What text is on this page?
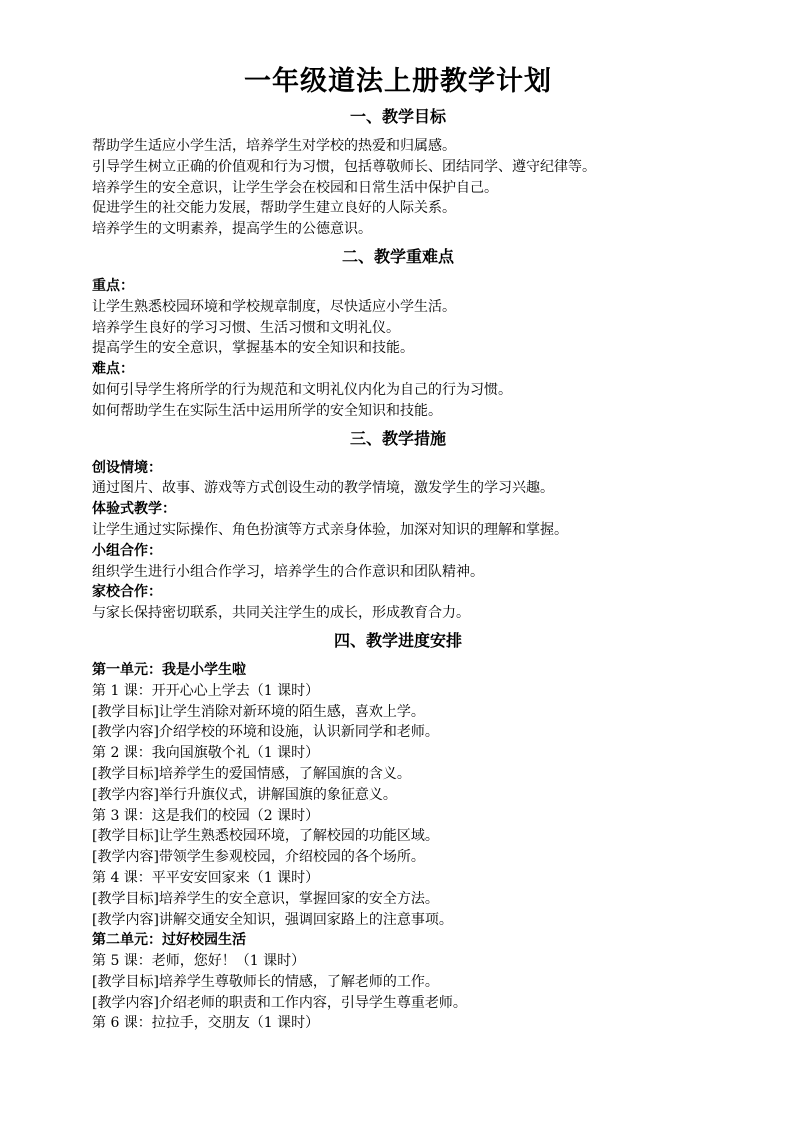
一年级道法上册教学计划
一、教学目标

帮助学生适应小学生活，培养学生对学校的热爱和归属感。

引导学生树立正确的价值观和行为习惯，包括尊敬师长、团结同学、遵守纪律等。

培养学生的安全意识，让学生学会在校园和日常生活中保护自己。

促进学生的社交能力发展，帮助学生建立良好的人际关系。

培养学生的文明素养，提高学生的公德意识。

二、教学重难点

重点：

让学生熟悉校园环境和学校规章制度，尽快适应小学生活。

培养学生良好的学习习惯、生活习惯和文明礼仪。

提高学生的安全意识，掌握基本的安全知识和技能。

难点：

如何引导学生将所学的行为规范和文明礼仪内化为自己的行为习惯。

如何帮助学生在实际生活中运用所学的安全知识和技能。

三、教学措施

创设情境：

通过图片、故事、游戏等方式创设生动的教学情境，激发学生的学习兴趣。

体验式教学：

让学生通过实际操作、角色扮演等方式亲身体验，加深对知识的理解和掌握。

小组合作：

组织学生进行小组合作学习，培养学生的合作意识和团队精神。

家校合作：

与家长保持密切联系，共同关注学生的成长，形成教育合力。

四、教学进度安排

第一单元：我是小学生啦

第 1 课：开开心心上学去（1 课时）

[教学目标]让学生消除对新环境的陌生感，喜欢上学。

[教学内容]介绍学校的环境和设施，认识新同学和老师。

第 2 课：我向国旗敬个礼（1 课时）

[教学目标]培养学生的爱国情感，了解国旗的含义。

[教学内容]举行升旗仪式，讲解国旗的象征意义。

第 3 课：这是我们的校园（2 课时）

[教学目标]让学生熟悉校园环境，了解校园的功能区域。

[教学内容]带领学生参观校园，介绍校园的各个场所。

第 4 课：平平安安回家来（1 课时）

[教学目标]培养学生的安全意识，掌握回家的安全方法。

[教学内容]讲解交通安全知识，强调回家路上的注意事项。

第二单元：过好校园生活

第 5 课：老师，您好！（1 课时）

[教学目标]培养学生尊敬师长的情感，了解老师的工作。

[教学内容]介绍老师的职责和工作内容，引导学生尊重老师。

第 6 课：拉拉手，交朋友（1 课时）
